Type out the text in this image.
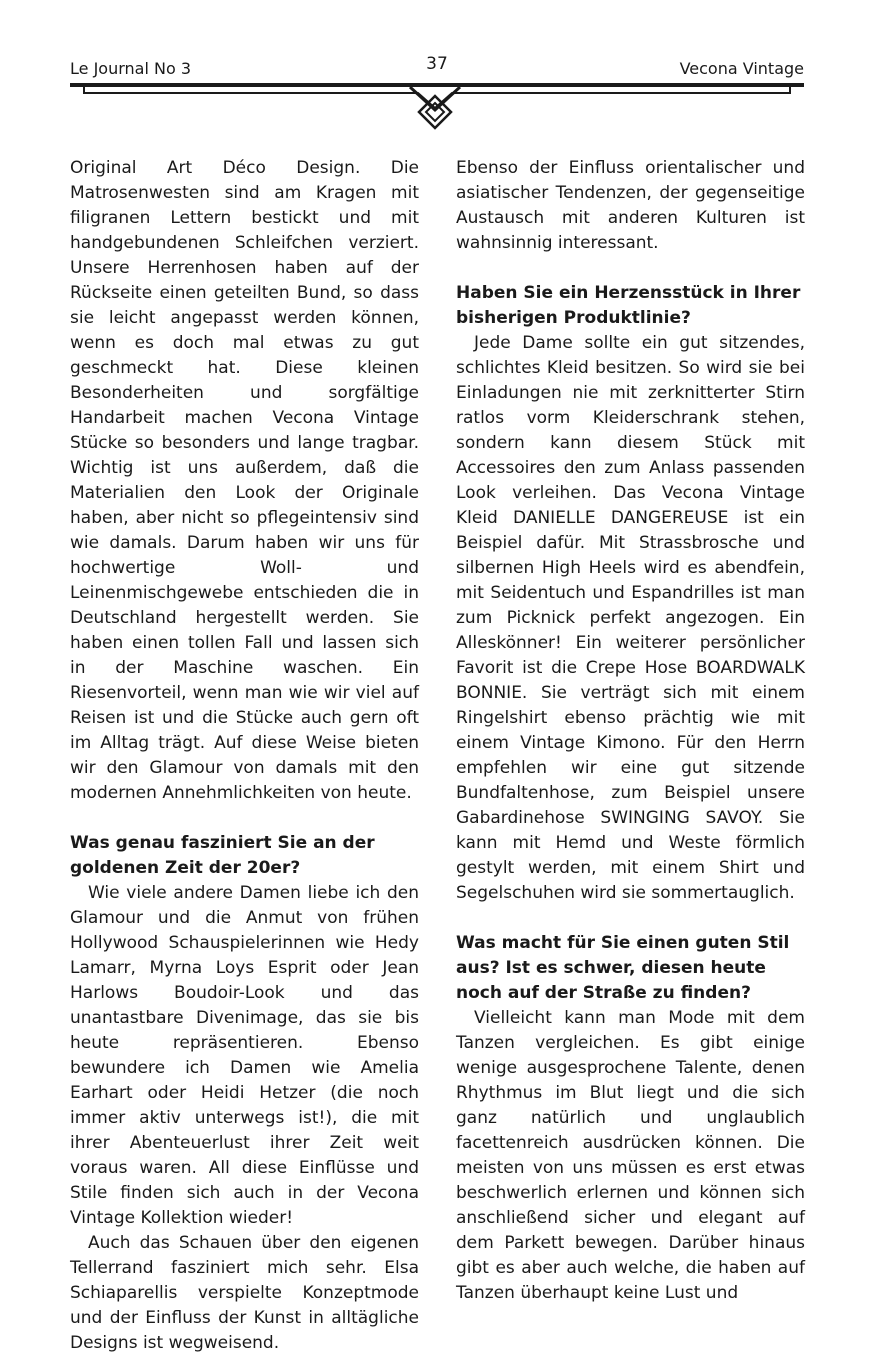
Le Journal No 3	37	Vecona Vintage

Original Art Déco Design. Die Matrosenwesten sind am Kragen mit filigranen Lettern bestickt und mit handgebundenen Schleifchen verziert. Unsere Herrenhosen haben auf der Rückseite einen geteilten Bund, so dass sie leicht angepasst werden können, wenn es doch mal etwas zu gut geschmeckt hat. Diese kleinen Besonderheiten und sorgfältige Handarbeit machen Vecona Vintage Stücke so besonders und lange tragbar. Wichtig ist uns außerdem, daß die Materialien den Look der Originale haben, aber nicht so pflegeintensiv sind wie damals. Darum haben wir uns für hochwertige Woll- und Leinenmischgewebe entschieden die in Deutschland hergestellt werden. Sie haben einen tollen Fall und lassen sich in der Maschine waschen. Ein Riesenvorteil, wenn man wie wir viel auf Reisen ist und die Stücke auch gern oft im Alltag trägt. Auf diese Weise bieten wir den Glamour von damals mit den modernen Annehmlichkeiten von heute.

Was genau fasziniert Sie an der goldenen Zeit der 20er?

Wie viele andere Damen liebe ich den Glamour und die Anmut von frühen Hollywood Schauspielerinnen wie Hedy Lamarr, Myrna Loys Esprit oder Jean Harlows Boudoir-Look und das unantastbare Divenimage, das sie bis heute repräsentieren. Ebenso bewundere ich Damen wie Amelia Earhart oder Heidi Hetzer (die noch immer aktiv unterwegs ist!), die mit ihrer Abenteuerlust ihrer Zeit weit voraus waren. All diese Einflüsse und Stile finden sich auch in der Vecona Vintage Kollektion wieder!

Auch das Schauen über den eigenen Tellerrand fasziniert mich sehr. Elsa Schiaparellis verspielte Konzeptmode und der Einfluss der Kunst in alltägliche Designs ist wegweisend.

Ebenso der Einfluss orientalischer und asiatischer Tendenzen, der gegenseitige Austausch mit anderen Kulturen ist wahnsinnig interessant.

Haben Sie ein Herzensstück in Ihrer bisherigen Produktlinie?

Jede Dame sollte ein gut sitzendes, schlichtes Kleid besitzen. So wird sie bei Einladungen nie mit zerknitterter Stirn ratlos vorm Kleiderschrank stehen, sondern kann diesem Stück mit Accessoires den zum Anlass passenden Look verleihen. Das Vecona Vintage Kleid DANIELLE DANGEREUSE ist ein Beispiel dafür. Mit Strassbrosche und silbernen High Heels wird es abendfein, mit Seidentuch und Espandrilles ist man zum Picknick perfekt angezogen. Ein Alleskönner! Ein weiterer persönlicher Favorit ist die Crepe Hose BOARDWALK BONNIE. Sie verträgt sich mit einem Ringelshirt ebenso prächtig wie mit einem Vintage Kimono. Für den Herrn empfehlen wir eine gut sitzende Bundfaltenhose, zum Beispiel unsere Gabardinehose SWINGING SAVOY. Sie kann mit Hemd und Weste förmlich gestylt werden, mit einem Shirt und Segelschuhen wird sie sommertauglich.

Was macht für Sie einen guten Stil aus? Ist es schwer, diesen heute noch auf der Straße zu finden?

Vielleicht kann man Mode mit dem Tanzen vergleichen. Es gibt einige wenige ausgesprochene Talente, denen Rhythmus im Blut liegt und die sich ganz natürlich und unglaublich facettenreich ausdrücken können. Die meisten von uns müssen es erst etwas beschwerlich erlernen und können sich anschließend sicher und elegant auf dem Parkett bewegen. Darüber hinaus gibt es aber auch welche, die haben auf Tanzen überhaupt keine Lust und
